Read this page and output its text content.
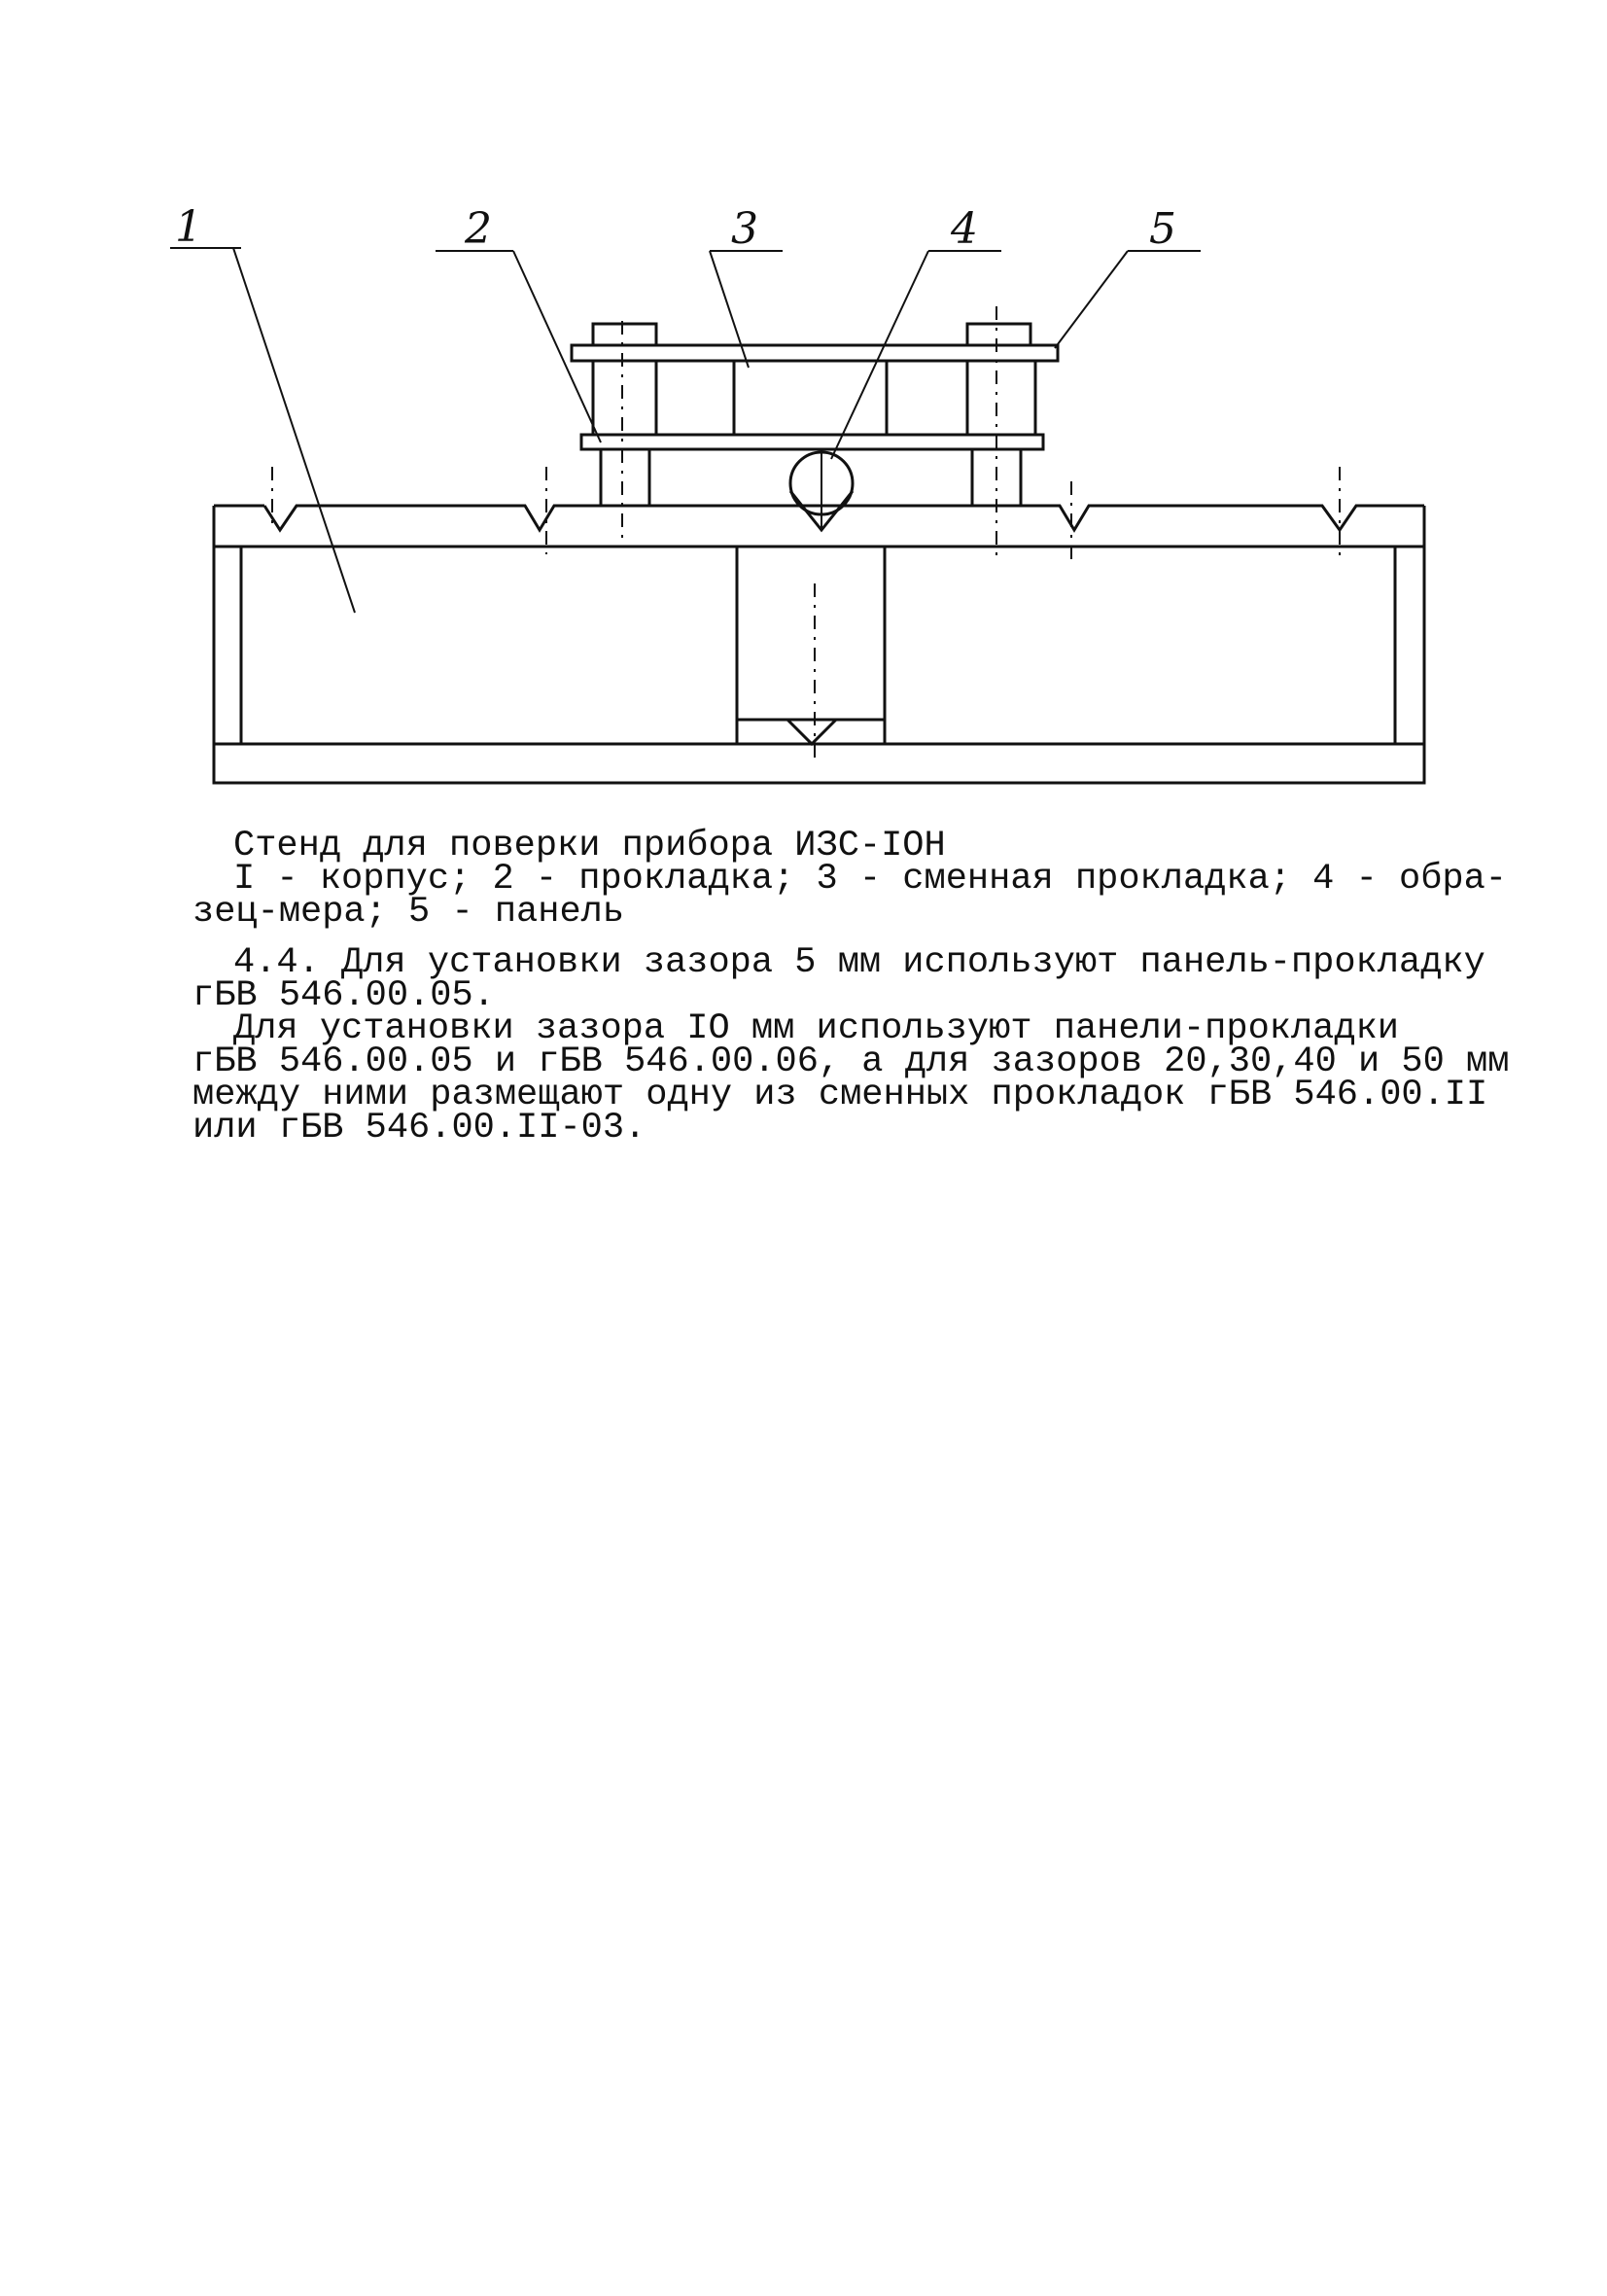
1	2	3	4	5
Стенд для поверки прибора ИЗС-IOH
I - корпус; 2 - прокладка; 3 - сменная прокладка; 4 - обра-
зец-мера; 5 - панель
4.4. Для установки зазора 5 мм используют панель-прокладку
гБВ 546.00.05.
Для установки зазора IO мм используют панели-прокладки
гБВ 546.00.05 и гБВ 546.00.06, а для зазоров 20,30,40 и 50 мм
между ними размещают одну из сменных прокладок гБВ 546.00.II
или гБВ 546.00.II-03.
